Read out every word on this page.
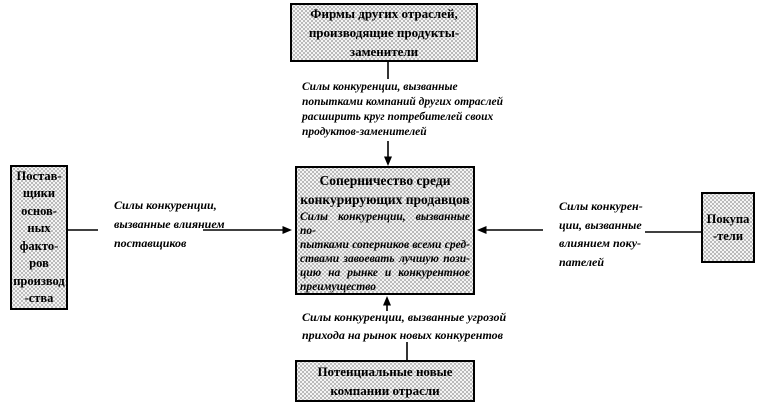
Фирмы других отраслей,
производящие продукты-
заменители
Соперничество среди
конкурирующих продавцов
Силы конкуренции, вызванные по-
пытками соперников всеми сред-
ствами завоевать лучшую пози-
цию на рынке и конкурентное
преимущество
Постав-
щики
основ-
ных
факто-
ров
производ
-ства
Покупа
-тели
Потенциальные новые
компании отрасли
Силы конкуренции, вызванные
попытками компаний других отраслей
расширить круг потребителей своих
продуктов-заменителей
Силы конкуренции,
вызванные влиянием
поставщиков
Силы конкурен-
ции, вызванные
влиянием поку-
пателей
Силы конкуренции, вызванные угрозой
прихода на рынок новых конкурентов
